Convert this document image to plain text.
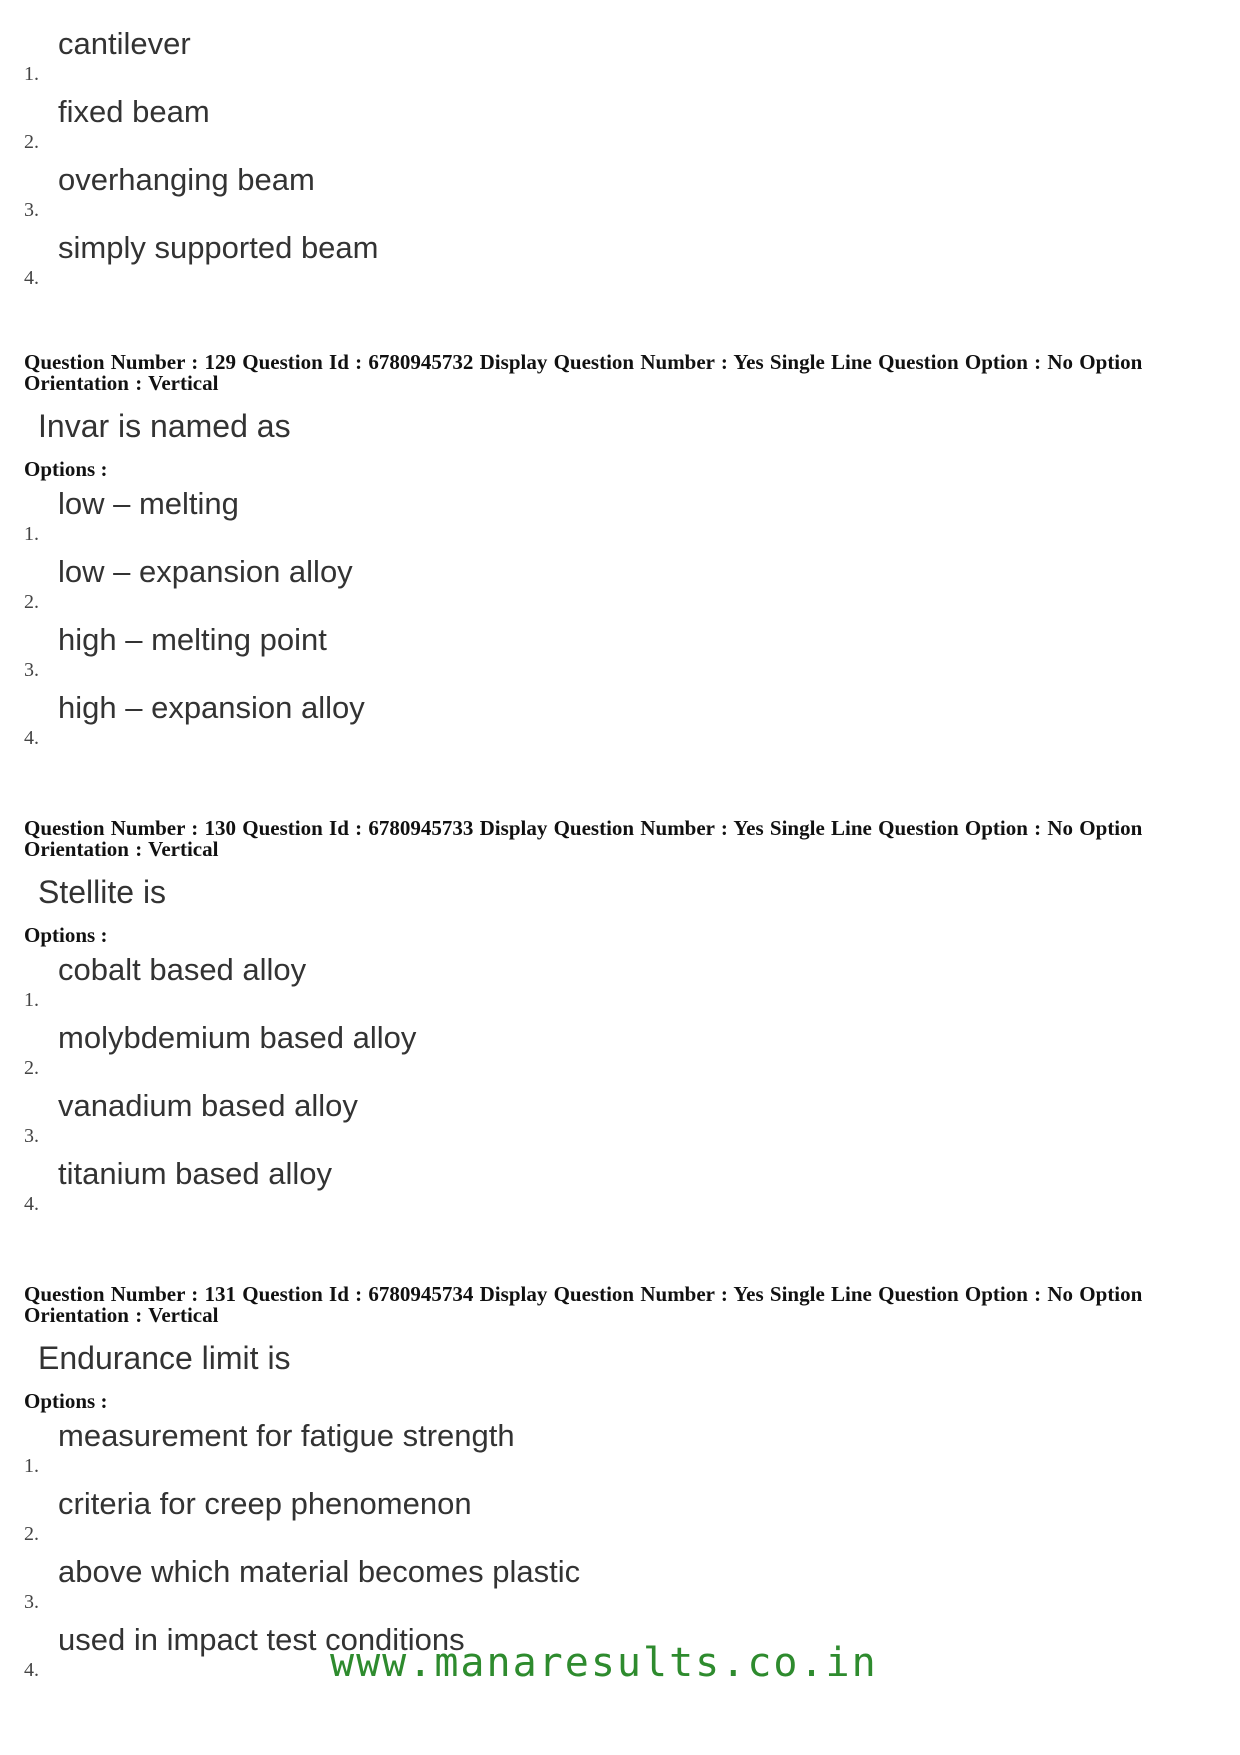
1.
cantilever
2.
fixed beam
3.
overhanging beam
4.
simply supported beam

Question Number : 129 Question Id : 6780945732 Display Question Number : Yes Single Line Question Option : No Option

Orientation : Vertical

Invar is named as
Options :
1.
low – melting
2.
low – expansion alloy
3.
high – melting point
4.
high – expansion alloy

Question Number : 130 Question Id : 6780945733 Display Question Number : Yes Single Line Question Option : No Option

Orientation : Vertical

Stellite is
Options :
1.
cobalt based alloy
2.
molybdemium based alloy
3.
vanadium based alloy
4.
titanium based alloy

Question Number : 131 Question Id : 6780945734 Display Question Number : Yes Single Line Question Option : No Option

Orientation : Vertical

Endurance limit is
Options :
1.
measurement for fatigue strength
2.
criteria for creep phenomenon
3.
above which material becomes plastic
4.
used in impact test conditions
www.manaresults.co.in
